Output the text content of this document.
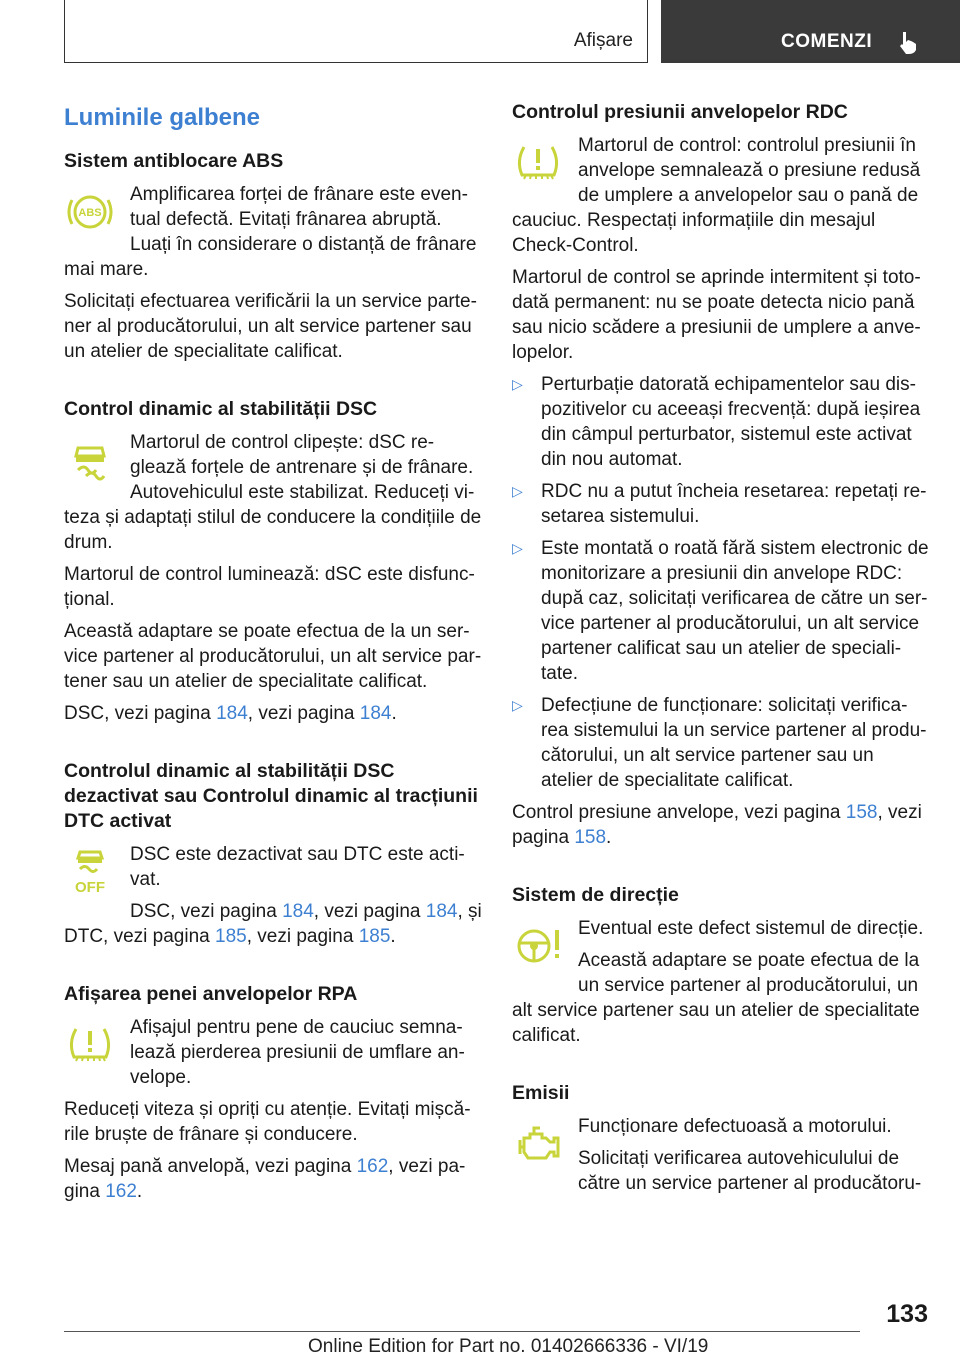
Afișare	COMENZI
Luminile galbene
Sistem antiblocare ABS
ABS

Amplificarea forței de frânare este even-tual defectă. Evitați frânarea abruptă. Luați în considerare o distanță de frânare mai mare.

Solicitați efectuarea verificării la un service parte-ner al producătorului, un alt service partener sau un atelier de specialitate calificat.

Control dinamic al stabilității DSC

Martorul de control clipește: dSC re-glează forțele de antrenare și de frânare. Autovehiculul este stabilizat. Reduceți vi-teza și adaptați stilul de conducere la condițiile de drum.

Martorul de control luminează: dSC este disfunc-țional.

Această adaptare se poate efectua de la un ser-vice partener al producătorului, un alt service par-tener sau un atelier de specialitate calificat.

DSC, vezi pagina 184, vezi pagina 184.

Controlul dinamic al stabilității DSC dezactivat sau Controlul dinamic al tracțiunii DTC activat
OFF

DSC este dezactivat sau DTC este acti-vat.

DSC, vezi pagina 184, vezi pagina 184, și DTC, vezi pagina 185, vezi pagina 185.

Afișarea penei anvelopelor RPA

Afișajul pentru pene de cauciuc semna-lează pierderea presiunii de umflare an-velope.

Reduceți viteza și opriți cu atenție. Evitați mișcă-rile bruște de frânare și conducere.

Mesaj pană anvelopă, vezi pagina 162, vezi pa-gina 162.

Controlul presiunii anvelopelor RDC

Martorul de control: controlul presiunii în anvelope semnalează o presiune redusă de umplere a anvelopelor sau o pană de cauciuc. Respectați informațiile din mesajul Check-Control.

Martorul de control se aprinde intermitent și toto-dată permanent: nu se poate detecta nicio pană sau nicio scădere a presiunii de umplere a anve-lopelor.

▷ Perturbație datorată echipamentelor sau dis-pozitivelor cu aceeași frecvență: după ieșirea din câmpul perturbator, sistemul este activat din nou automat.
▷ RDC nu a putut încheia resetarea: repetați re-setarea sistemului.
▷ Este montată o roată fără sistem electronic de monitorizare a presiunii din anvelope RDC: după caz, solicitați verificarea de către un ser-vice partener al producătorului, un alt service partener calificat sau un atelier de speciali-tate.
▷ Defecțiune de funcționare: solicitați verifica-rea sistemului la un service partener al produ-cătorului, un alt service partener sau un atelier de specialitate calificat.

Control presiune anvelope, vezi pagina 158, vezi pagina 158.

Sistem de direcție

Eventual este defect sistemul de direcție.

Această adaptare se poate efectua de la un service partener al producătorului, un alt service partener sau un atelier de specialitate calificat.

Emisii

Funcționare defectuoasă a motorului.

Solicitați verificarea autovehiculului de către un service partener al producătoru-

133
Online Edition for Part no. 01402666336 - VI/19
